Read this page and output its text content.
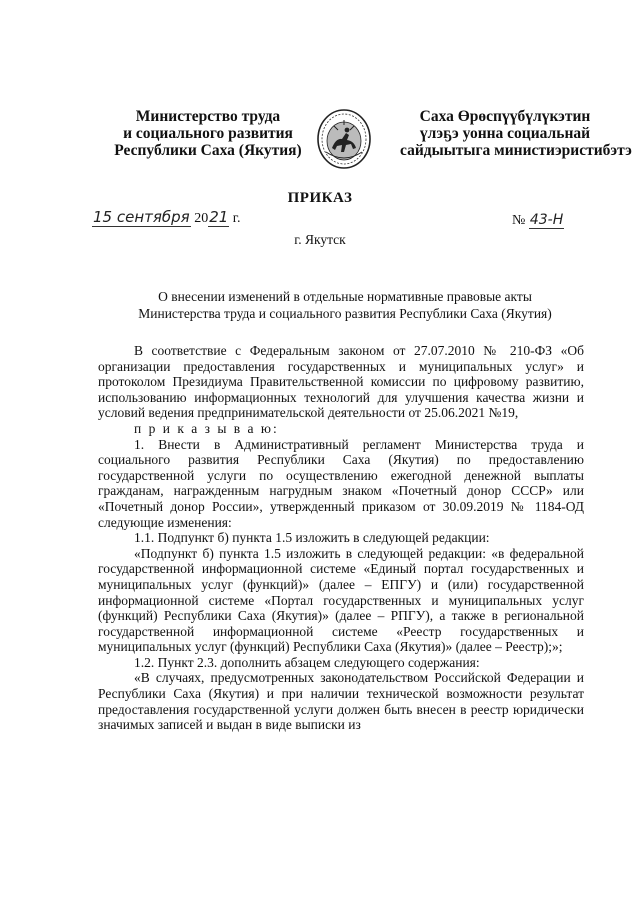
Министерство труда
и социального развития
Республики Саха (Якутия)
Саха Өрөспүүбүлүкэтин
үлэҕэ уонна социальнай
сайдыытыга министиэристибэтэ
ПРИКАЗ
15 сентября 2021 г.	№ 43-Н
г. Якутск
О внесении изменений в отдельные нормативные правовые акты
Министерства труда и социального развития Республики Саха (Якутия)

В соответствие с Федеральным законом от 27.07.2010 № 210-ФЗ «Об организации предоставления государственных и муниципальных услуг» и протоколом Президиума Правительственной комиссии по цифровому развитию, использованию информационных технологий для улучшения качества жизни и условий ведения предпринимательской деятельности от 25.06.2021 №19,

п р и к а з ы в а ю:

1. Внести в Административный регламент Министерства труда и социального развития Республики Саха (Якутия) по предоставлению государственной услуги по осуществлению ежегодной денежной выплаты гражданам, награжденным нагрудным знаком «Почетный донор СССР» или «Почетный донор России», утвержденный приказом от 30.09.2019 № 1184-ОД следующие изменения:

1.1. Подпункт б) пункта 1.5 изложить в следующей редакции:

«Подпункт б) пункта 1.5 изложить в следующей редакции: «в федеральной государственной информационной системе «Единый портал государственных и муниципальных услуг (функций)» (далее – ЕПГУ) и (или) государственной информационной системе «Портал государственных и муниципальных услуг (функций) Республики Саха (Якутия)» (далее – РПГУ), а также в региональной государственной информационной системе «Реестр государственных и муниципальных услуг (функций) Республики Саха (Якутия)» (далее – Реестр);»;

1.2. Пункт 2.3. дополнить абзацем следующего содержания:

«В случаях, предусмотренных законодательством Российской Федерации и Республики Саха (Якутия) и при наличии технической возможности результат предоставления государственной услуги должен быть внесен в реестр юридически значимых записей и выдан в виде выписки из
